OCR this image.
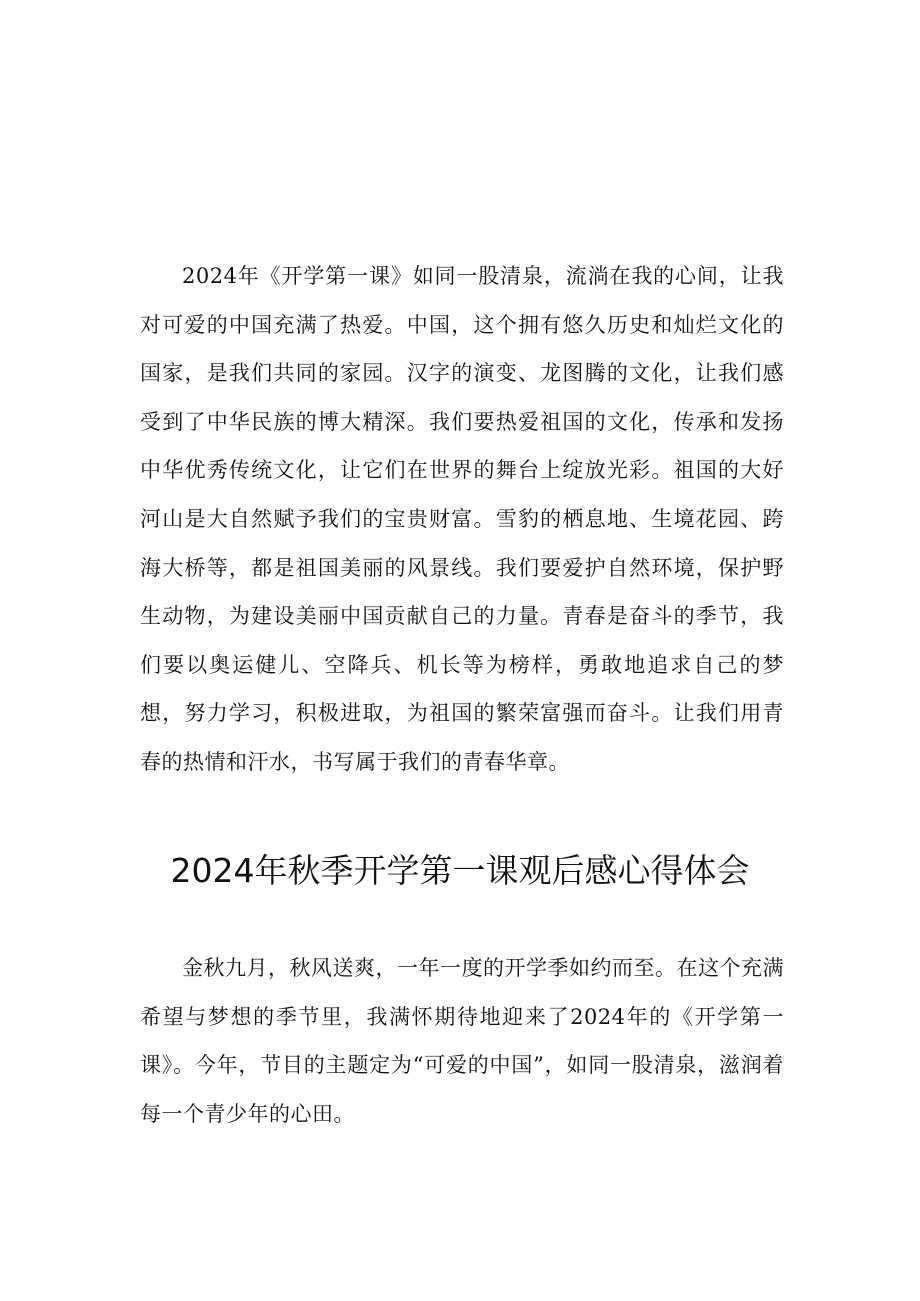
2024年《开学第一课》如同一股清泉，流淌在我的心间，让我对可爱的中国充满了热爱。中国，这个拥有悠久历史和灿烂文化的国家，是我们共同的家园。汉字的演变、龙图腾的文化，让我们感受到了中华民族的博大精深。我们要热爱祖国的文化，传承和发扬中华优秀传统文化，让它们在世界的舞台上绽放光彩。祖国的大好河山是大自然赋予我们的宝贵财富。雪豹的栖息地、生境花园、跨海大桥等，都是祖国美丽的风景线。我们要爱护自然环境，保护野生动物，为建设美丽中国贡献自己的力量。青春是奋斗的季节，我们要以奥运健儿、空降兵、机长等为榜样，勇敢地追求自己的梦想，努力学习，积极进取，为祖国的繁荣富强而奋斗。让我们用青春的热情和汗水，书写属于我们的青春华章。

2024年秋季开学第一课观后感心得体会

金秋九月，秋风送爽，一年一度的开学季如约而至。在这个充满希望与梦想的季节里，我满怀期待地迎来了2024年的《开学第一课》。今年，节目的主题定为“可爱的中国”，如同一股清泉，滋润着每一个青少年的心田。
